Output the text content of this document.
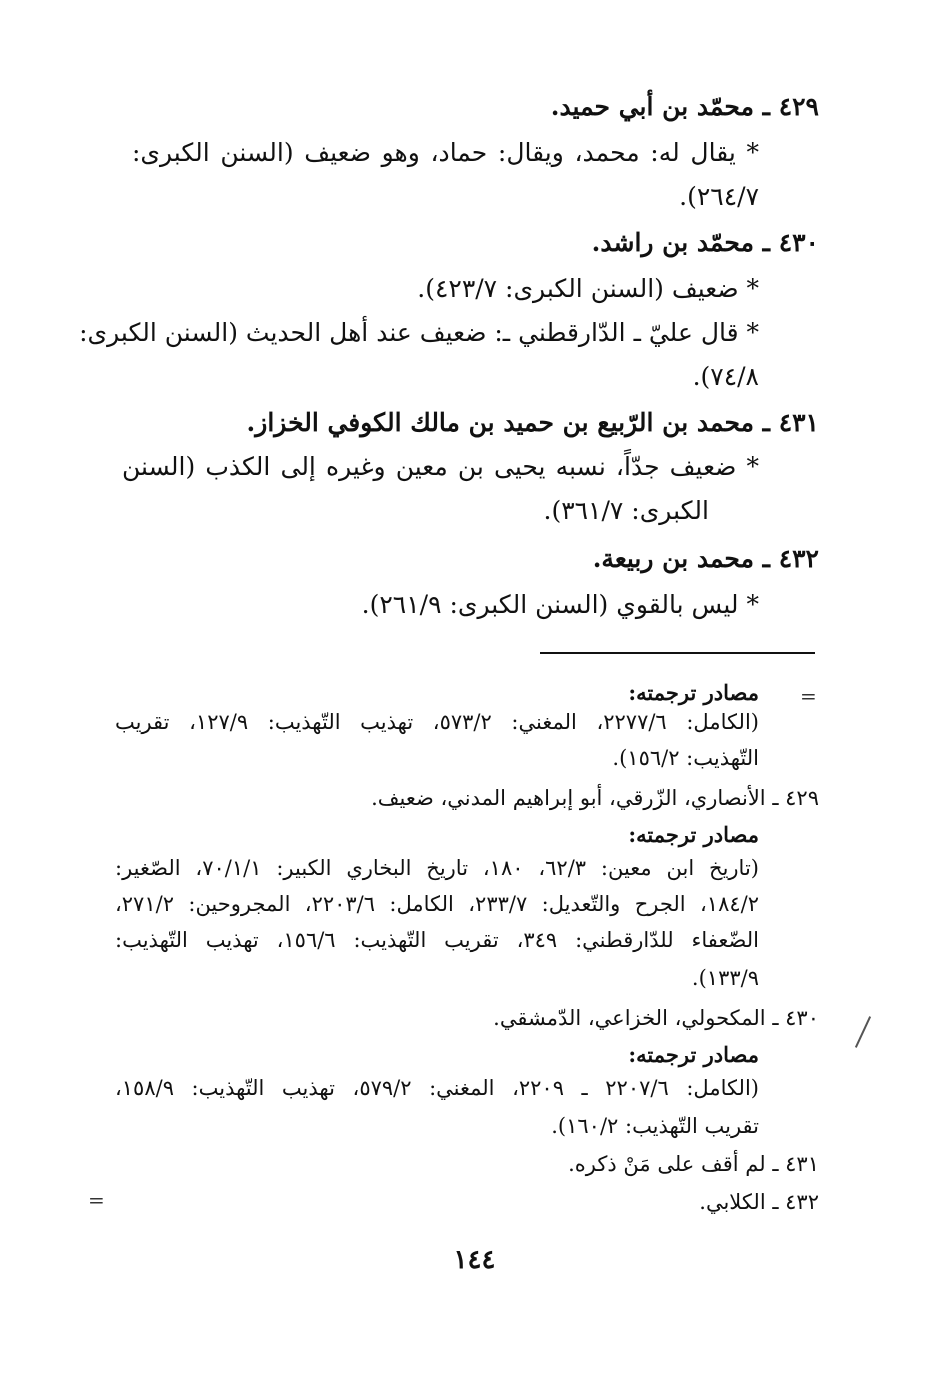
٤٢٩ ـ محمّد بن أبي حميد.
* يقال له: محمد، ويقال: حماد، وهو ضعيف (السنن الكبرى:
٢٦٤/٧).
٤٣٠ ـ محمّد بن راشد.
* ضعيف (السنن الكبرى: ٤٢٣/٧).
* قال عليّ ـ الدّارقطني ـ: ضعيف عند أهل الحديث (السنن الكبرى:
٧٤/٨).
٤٣١ ـ محمد بن الرّبيع بن حميد بن مالك الكوفي الخزاز.
* ضعيف جدّاً، نسبه يحيى بن معين وغيره إلى الكذب (السنن
الكبرى: ٣٦١/٧).
٤٣٢ ـ محمد بن ربيعة.
* ليس بالقوي (السنن الكبرى: ٢٦١/٩).
=
مصادر ترجمته:
(الكامل: ٢٢٧٧/٦، المغني: ٥٧٣/٢، تهذيب التّهذيب: ١٢٧/٩، تقريب
التّهذيب: ١٥٦/٢).
٤٢٩ ـ الأنصاري، الزّرقي، أبو إبراهيم المدني، ضعيف.
مصادر ترجمته:
(تاريخ ابن معين: ٦٢/٣، ١٨٠، تاريخ البخاري الكبير: ٧٠/١/١، الصّغير:
١٨٤/٢، الجرح والتّعديل: ٢٣٣/٧، الكامل: ٢٢٠٣/٦، المجروحين: ٢٧١/٢،
الضّعفاء للدّارقطني: ٣٤٩، تقريب التّهذيب: ١٥٦/٦، تهذيب التّهذيب:
١٣٣/٩).
٤٣٠ ـ المكحولي، الخزاعي، الدّمشقي.
مصادر ترجمته:
(الكامل: ٢٢٠٧/٦ ـ ٢٢٠٩، المغني: ٥٧٩/٢، تهذيب التّهذيب: ١٥٨/٩،
تقريب التّهذيب: ١٦٠/٢).
٤٣١ ـ لم أقف على مَنْ ذكره.
٤٣٢ ـ الكلابي.
=
١٤٤
